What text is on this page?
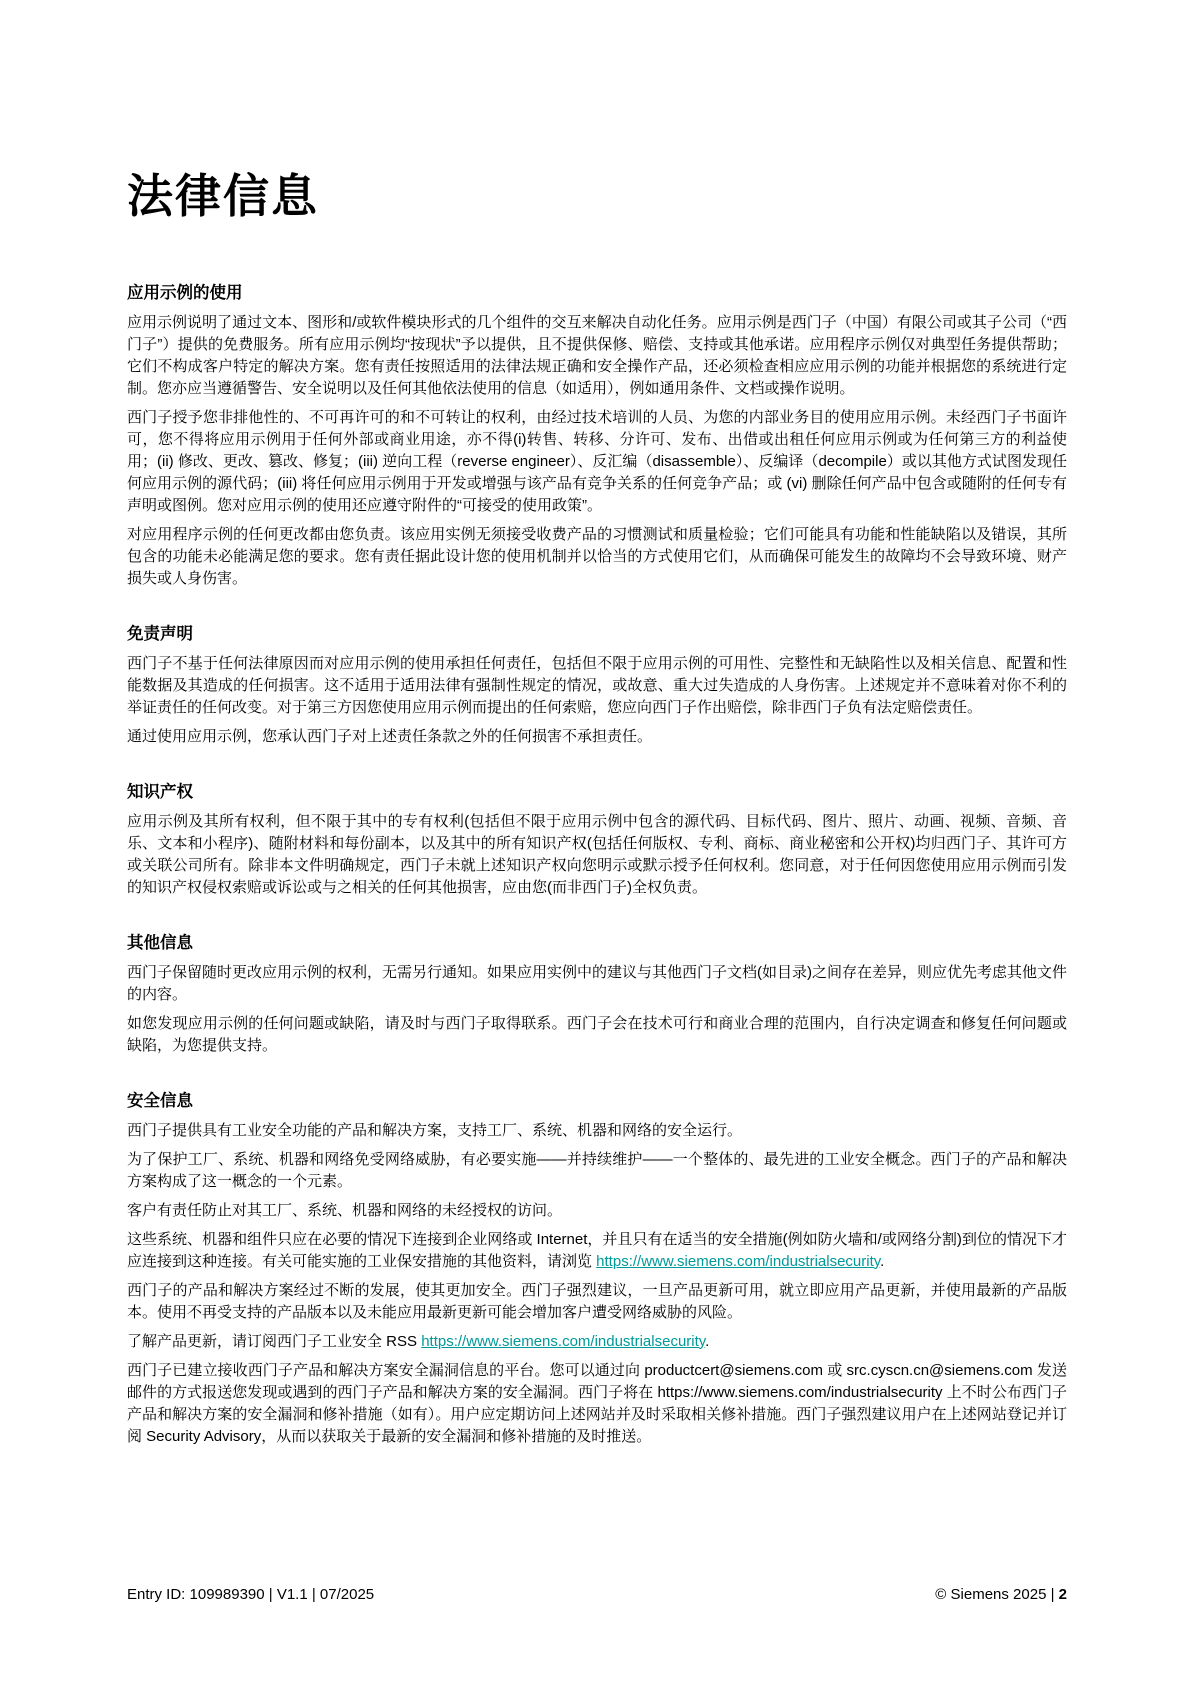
法律信息
应用示例的使用

应用示例说明了通过文本、图形和/或软件模块形式的几个组件的交互来解决自动化任务。应用示例是西门子（中国）有限公司或其子公司（“西门子”）提供的免费服务。所有应用示例均“按现状”予以提供，且不提供保修、赔偿、支持或其他承诺。应用程序示例仅对典型任务提供帮助；它们不构成客户特定的解决方案。您有责任按照适用的法律法规正确和安全操作产品，还必须检查相应应用示例的功能并根据您的系统进行定制。您亦应当遵循警告、安全说明以及任何其他依法使用的信息（如适用），例如通用条件、文档或操作说明。

西门子授予您非排他性的、不可再许可的和不可转让的权利，由经过技术培训的人员、为您的内部业务目的使用应用示例。未经西门子书面许可，您不得将应用示例用于任何外部或商业用途，亦不得(i)转售、转移、分许可、发布、出借或出租任何应用示例或为任何第三方的利益使用；(ii) 修改、更改、篡改、修复；(iii) 逆向工程（reverse engineer）、反汇编（disassemble）、反编译（decompile）或以其他方式试图发现任何应用示例的源代码；(iii) 将任何应用示例用于开发或增强与该产品有竞争关系的任何竞争产品；或 (vi) 删除任何产品中包含或随附的任何专有声明或图例。您对应用示例的使用还应遵守附件的“可接受的使用政策”。

对应用程序示例的任何更改都由您负责。该应用实例无须接受收费产品的习惯测试和质量检验；它们可能具有功能和性能缺陷以及错误，其所包含的功能未必能满足您的要求。您有责任据此设计您的使用机制并以恰当的方式使用它们，从而确保可能发生的故障均不会导致环境、财产损失或人身伤害。

免责声明

西门子不基于任何法律原因而对应用示例的使用承担任何责任，包括但不限于应用示例的可用性、完整性和无缺陷性以及相关信息、配置和性能数据及其造成的任何损害。这不适用于适用法律有强制性规定的情况，或故意、重大过失造成的人身伤害。上述规定并不意味着对你不利的举证责任的任何改变。对于第三方因您使用应用示例而提出的任何索赔，您应向西门子作出赔偿，除非西门子负有法定赔偿责任。

通过使用应用示例，您承认西门子对上述责任条款之外的任何损害不承担责任。

知识产权

应用示例及其所有权利，但不限于其中的专有权利(包括但不限于应用示例中包含的源代码、目标代码、图片、照片、动画、视频、音频、音乐、文本和小程序)、随附材料和每份副本，以及其中的所有知识产权(包括任何版权、专利、商标、商业秘密和公开权)均归西门子、其许可方或关联公司所有。除非本文件明确规定，西门子未就上述知识产权向您明示或默示授予任何权利。您同意，对于任何因您使用应用示例而引发的知识产权侵权索赔或诉讼或与之相关的任何其他损害，应由您(而非西门子)全权负责。

其他信息

西门子保留随时更改应用示例的权利，无需另行通知。如果应用实例中的建议与其他西门子文档(如目录)之间存在差异，则应优先考虑其他文件的内容。

如您发现应用示例的任何问题或缺陷，请及时与西门子取得联系。西门子会在技术可行和商业合理的范围内，自行决定调查和修复任何问题或缺陷，为您提供支持。

安全信息

西门子提供具有工业安全功能的产品和解决方案，支持工厂、系统、机器和网络的安全运行。

为了保护工厂、系统、机器和网络免受网络威胁，有必要实施——并持续维护——一个整体的、最先进的工业安全概念。西门子的产品和解决方案构成了这一概念的一个元素。

客户有责任防止对其工厂、系统、机器和网络的未经授权的访问。

这些系统、机器和组件只应在必要的情况下连接到企业网络或 Internet，并且只有在适当的安全措施(例如防火墙和/或网络分割)到位的情况下才应连接到这种连接。有关可能实施的工业保安措施的其他资料，请浏览 https://www.siemens.com/industrialsecurity.

西门子的产品和解决方案经过不断的发展，使其更加安全。西门子强烈建议，一旦产品更新可用，就立即应用产品更新，并使用最新的产品版本。使用不再受支持的产品版本以及未能应用最新更新可能会增加客户遭受网络威胁的风险。

了解产品更新，请订阅西门子工业安全 RSS https://www.siemens.com/industrialsecurity.

西门子已建立接收西门子产品和解决方案安全漏洞信息的平台。您可以通过向 productcert@siemens.com 或 src.cyscn.cn@siemens.com 发送邮件的方式报送您发现或遇到的西门子产品和解决方案的安全漏洞。西门子将在 https://www.siemens.com/industrialsecurity 上不时公布西门子产品和解决方案的安全漏洞和修补措施（如有）。用户应定期访问上述网站并及时采取相关修补措施。西门子强烈建议用户在上述网站登记并订阅 Security Advisory，从而以获取关于最新的安全漏洞和修补措施的及时推送。

Entry ID: 109989390 | V1.1 | 07/2025	© Siemens 2025 | 2
